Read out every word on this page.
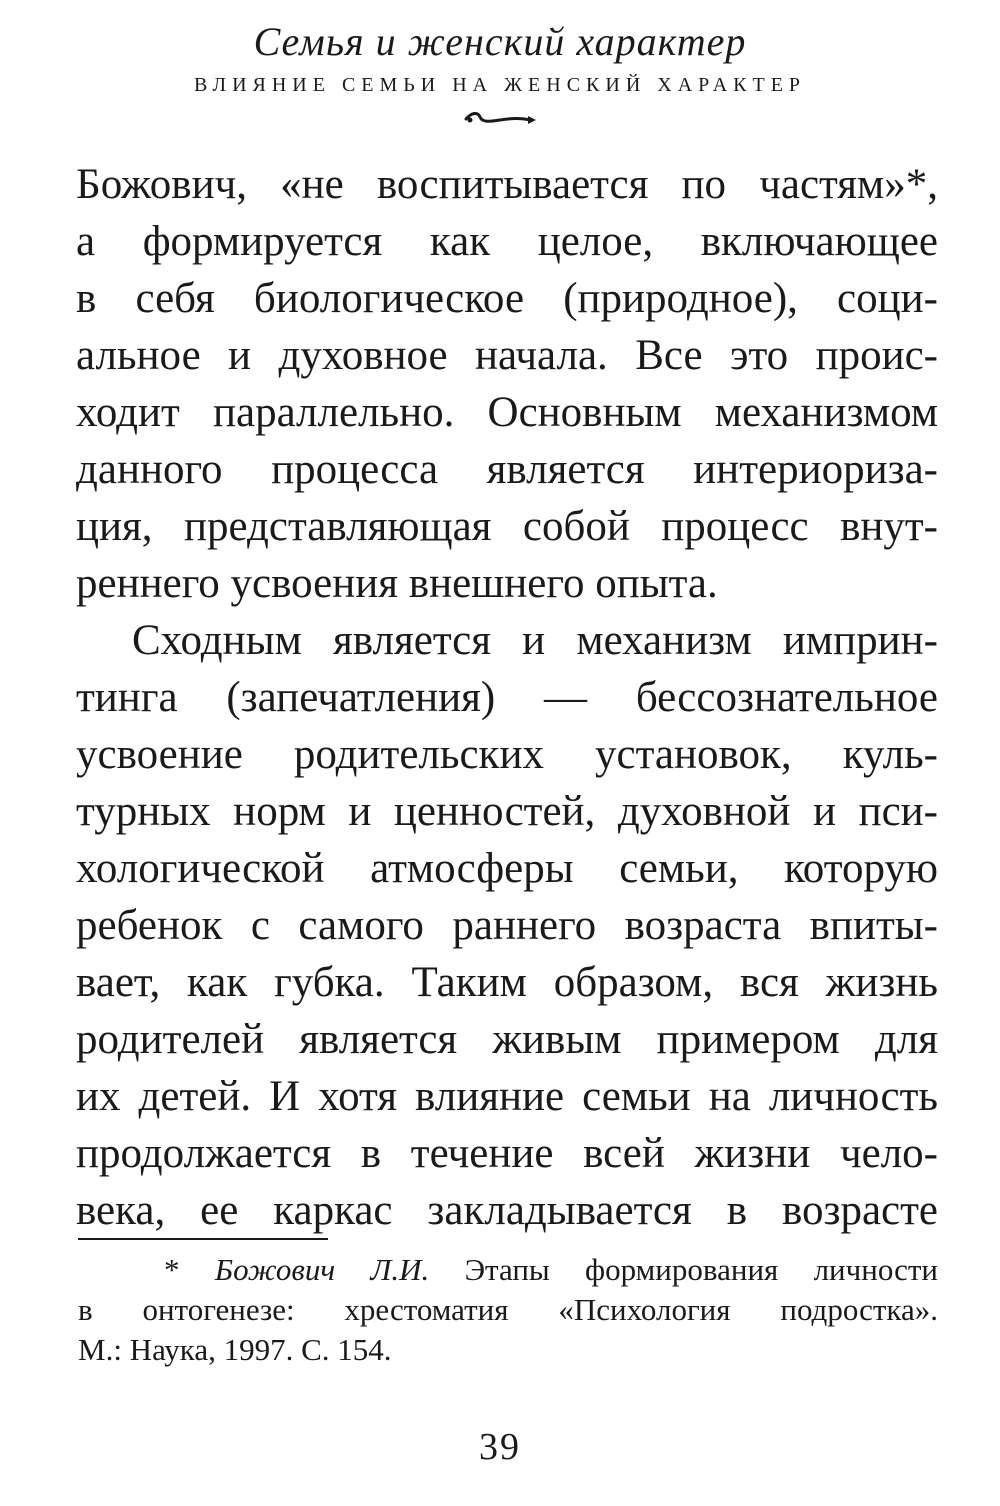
Семья и женский характер
ВЛИЯНИЕ СЕМЬИ НА ЖЕНСКИЙ ХАРАКТЕР
Божович, «не воспитывается по частям»*,
а формируется как целое, включающее
в себя биологическое (природное), соци-
альное и духовное начала. Все это проис-
ходит параллельно. Основным механизмом
данного процесса является интериориза-
ция, представляющая собой процесс внут-
реннего усвоения внешнего опыта.
Сходным является и механизм имприн-
тинга (запечатления) — бессознательное
усвоение родительских установок, куль-
турных норм и ценностей, духовной и пси-
хологической атмосферы семьи, которую
ребенок с самого раннего возраста впиты-
вает, как губка. Таким образом, вся жизнь
родителей является живым примером для
их детей. И хотя влияние семьи на личность
продолжается в течение всей жизни чело-
века, ее каркас закладывается в возрасте
* Божович Л.И. Этапы формирования личности
в онтогенезе: хрестоматия «Психология подростка».
М.: Наука, 1997. С. 154.
39
